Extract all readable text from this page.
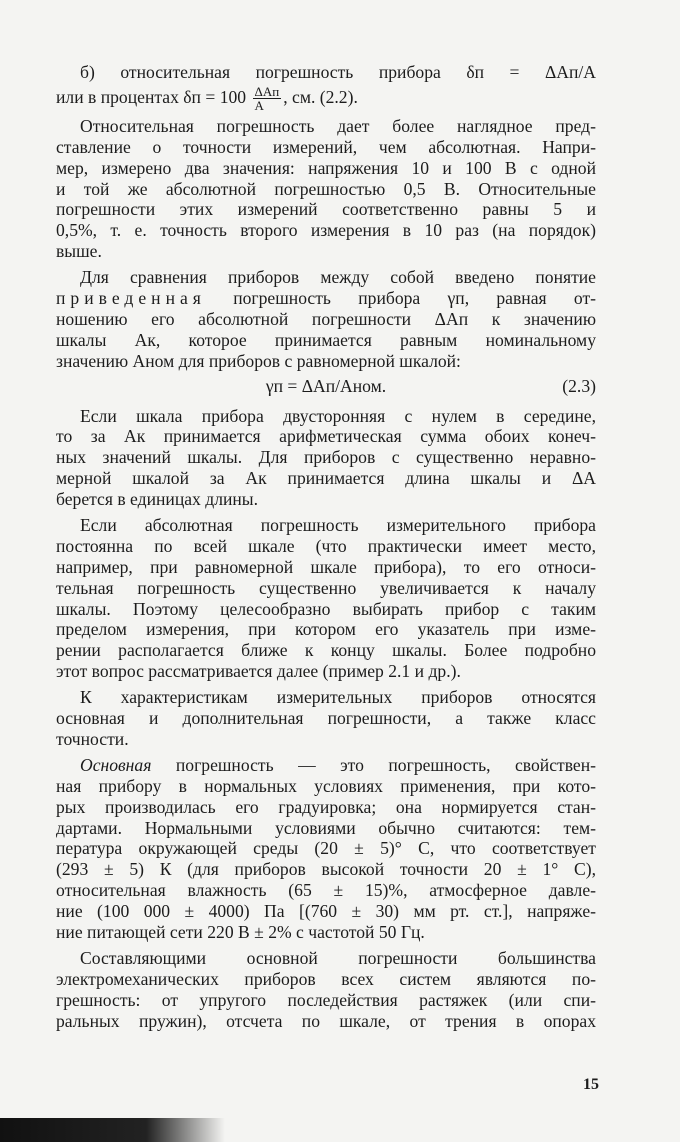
б) относительная погрешность прибора δп = ΔAп/A
или в процентах $\delta п = 100 \frac{\text{ΔAп}}{A}$ , см. (2.2).
Относительная погрешность дает более наглядное пред-
ставление о точности измерений, чем абсолютная. Напри-
мер, измерено два значения: напряжения 10 и 100 В с одной
и той же абсолютной погрешностью 0,5 В. Относительные
погрешности этих измерений соответственно равны 5 и
0,5%, т. е. точность второго измерения в 10 раз (на порядок)
выше.
Для сравнения приборов между собой введено понятие
приведенная погрешность прибора γп, равная от-
ношению его абсолютной погрешности ΔAп к значению
шкалы Aк, которое принимается равным номинальному
значению Aном для приборов с равномерной шкалой:
γп = ΔAп/Aном.	(2.3)
Если шкала прибора двусторонняя с нулем в середине,
то за Aк принимается арифметическая сумма обоих конеч-
ных значений шкалы. Для приборов с существенно неравно-
мерной шкалой за Aк принимается длина шкалы и ΔA
берется в единицах длины.
Если абсолютная погрешность измерительного прибора
постоянна по всей шкале (что практически имеет место,
например, при равномерной шкале прибора), то его относи-
тельная погрешность существенно увеличивается к началу
шкалы. Поэтому целесообразно выбирать прибор с таким
пределом измерения, при котором его указатель при изме-
рении располагается ближе к концу шкалы. Более подробно
этот вопрос рассматривается далее (пример 2.1 и др.).
К характеристикам измерительных приборов относятся
основная и дополнительная погрешности, а также класс
точности.
Основная погрешность — это погрешность, свойствен-
ная прибору в нормальных условиях применения, при кото-
рых производилась его градуировка; она нормируется стан-
дартами. Нормальными условиями обычно считаются: тем-
пература окружающей среды (20 ± 5)° С, что соответствует
(293 ± 5) К (для приборов высокой точности 20 ± 1° С),
относительная влажность (65 ± 15)%, атмосферное давле-
ние (100 000 ± 4000) Па [(760 ± 30) мм рт. ст.], напряже-
ние питающей сети 220 В ± 2% с частотой 50 Гц.
Составляющими основной погрешности большинства
электромеханических приборов всех систем являются по-
грешность: от упругого последействия растяжек (или спи-
ральных пружин), отсчета по шкале, от трения в опорах
15
